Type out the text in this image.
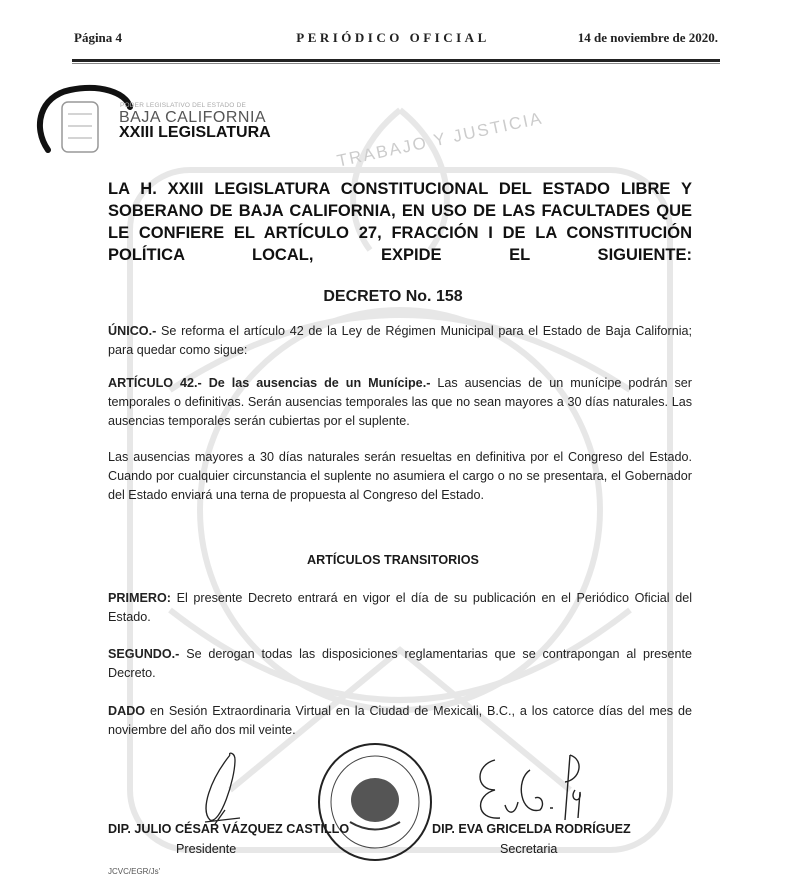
Página 4	PERIÓDICO OFICIAL	14 de noviembre de 2020.
PODER LEGISLATIVO DEL ESTADO DE
BAJA CALIFORNIA
XXIII LEGISLATURA	TRABAJO Y JUSTICIA
LA H. XXIII LEGISLATURA CONSTITUCIONAL DEL ESTADO LIBRE Y SOBERANO DE BAJA CALIFORNIA, EN USO DE LAS FACULTADES QUE LE CONFIERE EL ARTÍCULO 27, FRACCIÓN I DE LA CONSTITUCIÓN POLÍTICA LOCAL, EXPIDE EL SIGUIENTE:
DECRETO No. 158
ÚNICO.- Se reforma el artículo 42 de la Ley de Régimen Municipal para el Estado de Baja California; para quedar como sigue:
ARTÍCULO 42.- De las ausencias de un Munícipe.- Las ausencias de un munícipe podrán ser temporales o definitivas. Serán ausencias temporales las que no sean mayores a 30 días naturales. Las ausencias temporales serán cubiertas por el suplente.
Las ausencias mayores a 30 días naturales serán resueltas en definitiva por el Congreso del Estado. Cuando por cualquier circunstancia el suplente no asumiera el cargo o no se presentara, el Gobernador del Estado enviará una terna de propuesta al Congreso del Estado.
ARTÍCULOS TRANSITORIOS
PRIMERO: El presente Decreto entrará en vigor el día de su publicación en el Periódico Oficial del Estado.
SEGUNDO.- Se derogan todas las disposiciones reglamentarias que se contrapongan al presente Decreto.
DADO en Sesión Extraordinaria Virtual en la Ciudad de Mexicali, B.C., a los catorce días del mes de noviembre del año dos mil veinte.
DIP. JULIO CÉSAR VÁZQUEZ CASTILLO
Presidente
DIP. EVA GRICELDA RODRÍGUEZ
Secretaria
JCVC/EGR/Js'
